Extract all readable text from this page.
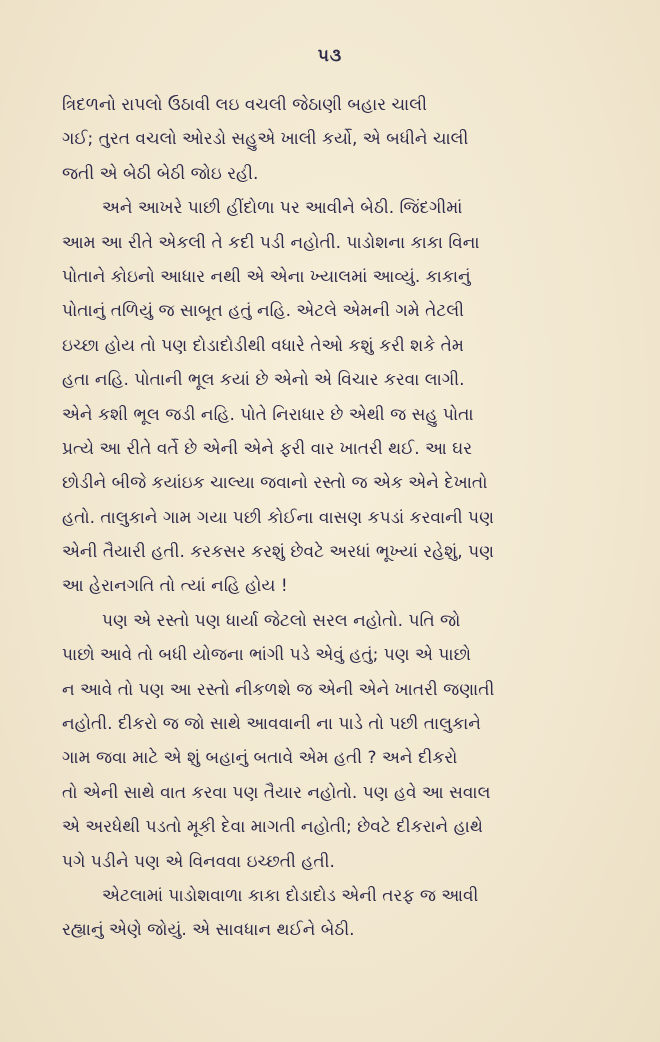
૫૩
ત્રિદળનો રાપલો ઉઠાવી લઇ વચલી જેઠાણી બહાર ચાલી
ગઈ; તુરત વચલો ઓરડો સહુએ ખાલી કર્યો, એ બધીને ચાલી
જતી એ બેઠી બેઠી જોઇ રહી.
અને આખરે પાછી હીંદોળા પર આવીને બેઠી. જિંદગીમાં
આમ આ રીતે એકલી તે કદી પડી નહોતી. પાડોશના કાકા વિના
પોતાને કોઇનો આધાર નથી એ એના ખ્યાલમાં આવ્યું. કાકાનું
પોતાનું તળિયું જ સાબૂત હતું નહિ. એટલે એમની ગમે તેટલી
ઇચ્છા હોય તો પણ દોડાદોડીથી વધારે તેઓ કશું કરી શકે તેમ
હતા નહિ. પોતાની ભૂલ કયાં છે એનો એ વિચાર કરવા લાગી.
એને કશી ભૂલ જડી નહિ. પોતે નિરાધાર છે એથી જ સહુ પોતા
પ્રત્યે આ રીતે વર્તે છે એની એને ફરી વાર ખાતરી થઈ. આ ઘર
છોડીને બીજે કયાંઇક ચાલ્યા જવાનો રસ્તો જ એક એને દેખાતો
હતો. તાલુકાને ગામ ગયા પછી કોઈના વાસણ કપડાં કરવાની પણ
એની તૈયારી હતી. કરકસર કરશું છેવટે અરધાં ભૂખ્યાં રહેશું, પણ
આ હેરાનગતિ તો ત્યાં નહિ હોય !
પણ એ રસ્તો પણ ધાર્યા જેટલો સરલ નહોતો. પતિ જો
પાછો આવે તો બધી યોજના ભાંગી પડે એવું હતું; પણ એ પાછો
ન આવે તો પણ આ રસ્તો નીકળશે જ એની એને ખાતરી જણાતી
નહોતી. દીકરો જ જો સાથે આવવાની ના પાડે તો પછી તાલુકાને
ગામ જવા માટે એ શું બહાનું બતાવે એમ હતી ? અને દીકરો
તો એની સાથે વાત કરવા પણ તૈયાર નહોતો. પણ હવે આ સવાલ
એ અરધેથી પડતો મૂકી દેવા માગતી નહોતી; છેવટે દીકરાને હાથે
પગે પડીને પણ એ વિનવવા ઇચ્છતી હતી.
એટલામાં પાડોશવાળા કાકા દોડાદોડ એની તરફ જ આવી
રહ્યાનું એણે જોયું. એ સાવધાન થઈને બેઠી.
